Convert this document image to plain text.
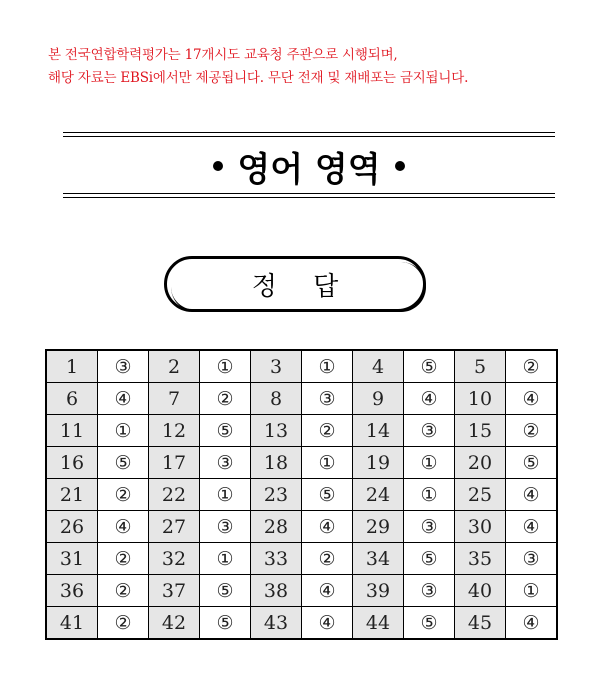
본 전국연합학력평가는 17개시도 교육청 주관으로 시행되며,
해당 자료는 EBSi에서만 제공됩니다. 무단 전재 및 재배포는 금지됩니다.
영어 영역
정 답
1	③	2	①	3	①	4	⑤	5	②
6	④	7	②	8	③	9	④	10	④
11	①	12	⑤	13	②	14	③	15	②
16	⑤	17	③	18	①	19	①	20	⑤
21	②	22	①	23	⑤	24	①	25	④
26	④	27	③	28	④	29	③	30	④
31	②	32	①	33	②	34	⑤	35	③
36	②	37	⑤	38	④	39	③	40	①
41	②	42	⑤	43	④	44	⑤	45	④
